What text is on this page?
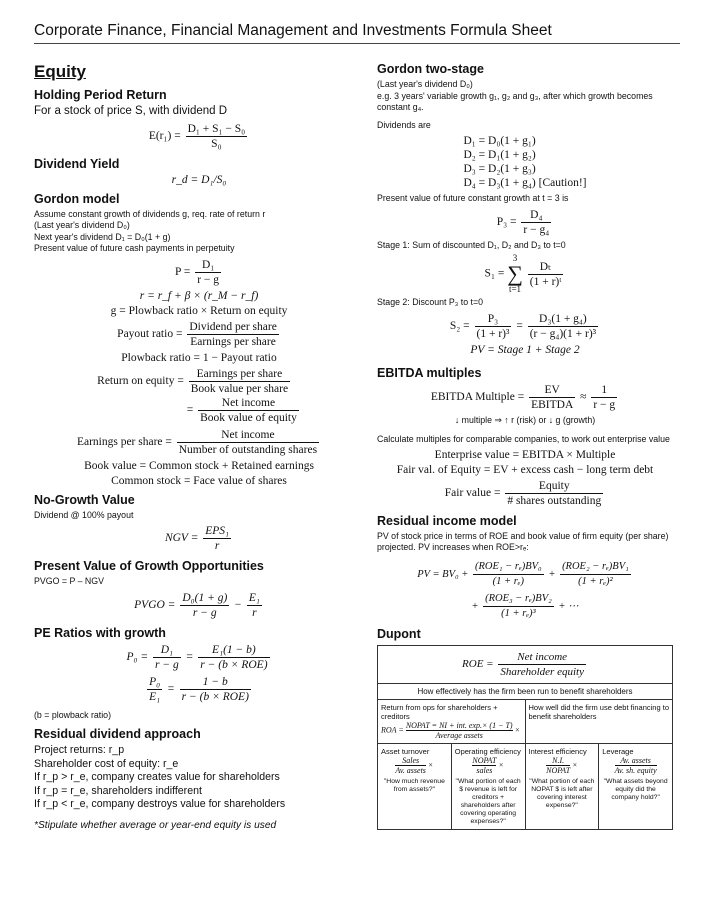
Corporate Finance, Financial Management and Investments Formula Sheet
Equity
Holding Period Return
For a stock of price S, with dividend D
$E(r_1) = \frac{\text{D₁ + S₁ − S₀}}{\text{S₀}}$
Dividend Yield
r_d = D₁/S₀
Gordon model
Assume constant growth of dividends g, req. rate of return r
(Last year's dividend D₀)
Next year's dividend D₁ = D₀(1 + g)
Present value of future cash payments in perpetuity
$P = \frac{\text{D₁}}{r - g}$
r = r_f + β × (r_M − r_f)
g = Plowback ratio × Return on equity
Payout ratio = $\frac{\text{Dividend per share}}{\text{Earnings per share}}$
Plowback ratio = 1 − Payout ratio
Return on equity = $\frac{\text{Earnings per share}}{\text{Book value per share}}$

= $\frac{\text{Net income}}{\text{Book value of equity}}$
Earnings per share = $\frac{\text{Net income}}{\text{Number of outstanding shares}}$
Book value = Common stock + Retained earnings
Common stock = Face value of shares
No-Growth Value
Dividend @ 100% payout
NGV = $\frac{\text{EPS₁}}{r}$
Present Value of Growth Opportunities
PVGO = P – NGV
PVGO = $\frac{\text{D₀(1 + g)}}{r - g} - \frac{\text{E₁}}{r}$
PE Ratios with growth
$P_0 = \frac{\text{D₁}}{r - g} = \frac{\text{E₁(1 − b)}}{\text{r − (b × ROE)}}$
$\frac{\text{P₀}}{\text{E₁}} = \frac{1 - b}{\text{r − (b × ROE)}}$
(b = plowback ratio)
Residual dividend approach
Project returns: r_p
Shareholder cost of equity: r_e
If r_p > r_e, company creates value for shareholders
If r_p = r_e, shareholders indifferent
If r_p < r_e, company destroys value for shareholders
*Stipulate whether average or year-end equity is used
Gordon two-stage
(Last year's dividend D₀)
e.g. 3 years' variable growth g₁, g₂ and g₃, after which growth becomes constant g₄.
Dividends are
D₁ = D₀(1 + g₁)
D₂ = D₁(1 + g₂)
D₃ = D₂(1 + g₃)
D₄ = D₃(1 + g₄) [Caution!]
Present value of future constant growth at t = 3 is
$P_3 = \frac{\text{D₄}}{\text{r − g₄}}$
Stage 1: Sum of discounted D₁, D₂ and D₃ to t=0
S₁ =
3
∑
t=1

$\frac{\text{Dₜ}}{\text{(1 + r)ᵗ}}$
Stage 2: Discount P₃ to t=0
$S_2 = \frac{\text{P₃}}{\text{(1 + r)³}} = \frac{\text{D₃(1 + g₄)}}{\text{(r − g₄)(1 + r)³}}$
PV = Stage 1 + Stage 2
EBITDA multiples
EBITDA Multiple = $\frac{EV}{\text{EBITDA}} \approx \frac{1}{r - g}$
↓ multiple ⇒ ↑ r (risk) or ↓ g (growth)
Calculate multiples for comparable companies, to work out enterprise value
Enterprise value = EBITDA × Multiple
Fair val. of Equity = EV + excess cash − long term debt
Fair value = $\frac{\text{Equity}}{\text{\# shares outstanding}}$
Residual income model
PV of stock price in terms of ROE and book value of firm equity (per share) projected. PV increases when ROE>rₑ:
PV = $BV_0 + \frac{\text{(ROE₁ − rₑ)BV₀}}{\text{(1 + rₑ)}} + \frac{\text{(ROE₂ − rₑ)BV₁}}{\text{(1 + rₑ)²}}$
+ $\frac{\text{(ROE₃ − rₑ)BV₂}}{\text{(1 + rₑ)³}}$ + ⋯
Dupont
ROE = $\frac{\text{Net income}}{\text{Shareholder equity}}$
How effectively has the firm been run to benefit shareholders
Return from ops for shareholders + creditors
ROA = $\frac{\text{NOPAT = NI + int. exp.× (1 − T)}}{\text{Average assets}}$ ×
How well did the firm use debt financing to benefit shareholders
Asset turnover
$\frac{\text{Sales}}{\text{Av. assets}}$ ×
"How much revenue from assets?"
Operating efficiency
$\frac{\text{NOPAT}}{\text{sales}}$ ×
"What portion of each $ revenue is left for creditors + shareholders after covering operating expenses?"
Interest efficiency
$\frac{N.I.}{\text{NOPAT}}$ ×
"What portion of each NOPAT $ is left after covering interest expense?"
Leverage
$\frac{\text{Av. assets}}{\text{Av. sh. equity}}$
"What assets beyond equity did the company hold?"
